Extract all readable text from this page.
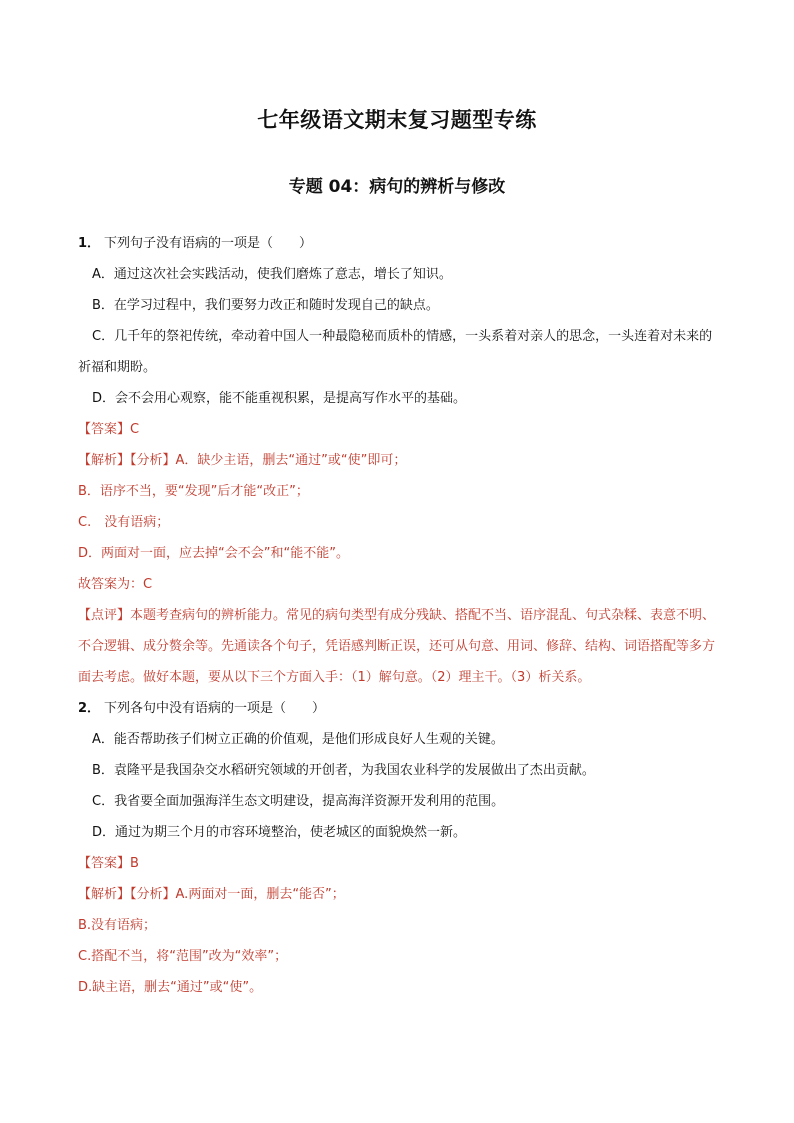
七年级语文期末复习题型专练
专题 04：病句的辨析与修改
1． 下列句子没有语病的一项是（　　）
A．通过这次社会实践活动，使我们磨炼了意志，增长了知识。
B．在学习过程中，我们要努力改正和随时发现自己的缺点。
C．几千年的祭祀传统，牵动着中国人一种最隐秘而质朴的情感，一头系着对亲人的思念，一头连着对未来的祈福和期盼。
D．会不会用心观察，能不能重视积累，是提高写作水平的基础。
【答案】C
【解析】【分析】A．缺少主语，删去“通过”或“使”即可；
B．语序不当，要“发现”后才能“改正”；
C.　没有语病；
D．两面对一面，应去掉“会不会”和“能不能”。
故答案为：C
【点评】本题考查病句的辨析能力。常见的病句类型有成分残缺、搭配不当、语序混乱、句式杂糅、表意不明、不合逻辑、成分赘余等。先通读各个句子，凭语感判断正误，还可从句意、用词、修辞、结构、词语搭配等多方面去考虑。做好本题，要从以下三个方面入手：（1）解句意。（2）理主干。（3）析关系。
2． 下列各句中没有语病的一项是（　　）
A．能否帮助孩子们树立正确的价值观，是他们形成良好人生观的关键。
B．袁隆平是我国杂交水稻研究领域的开创者，为我国农业科学的发展做出了杰出贡献。
C．我省要全面加强海洋生态文明建设，提高海洋资源开发利用的范围。
D．通过为期三个月的市容环境整治，使老城区的面貌焕然一新。
【答案】B
【解析】【分析】A.两面对一面，删去“能否”；
B.没有语病；
C.搭配不当，将“范围”改为“效率”；
D.缺主语，删去“通过”或“使”。
